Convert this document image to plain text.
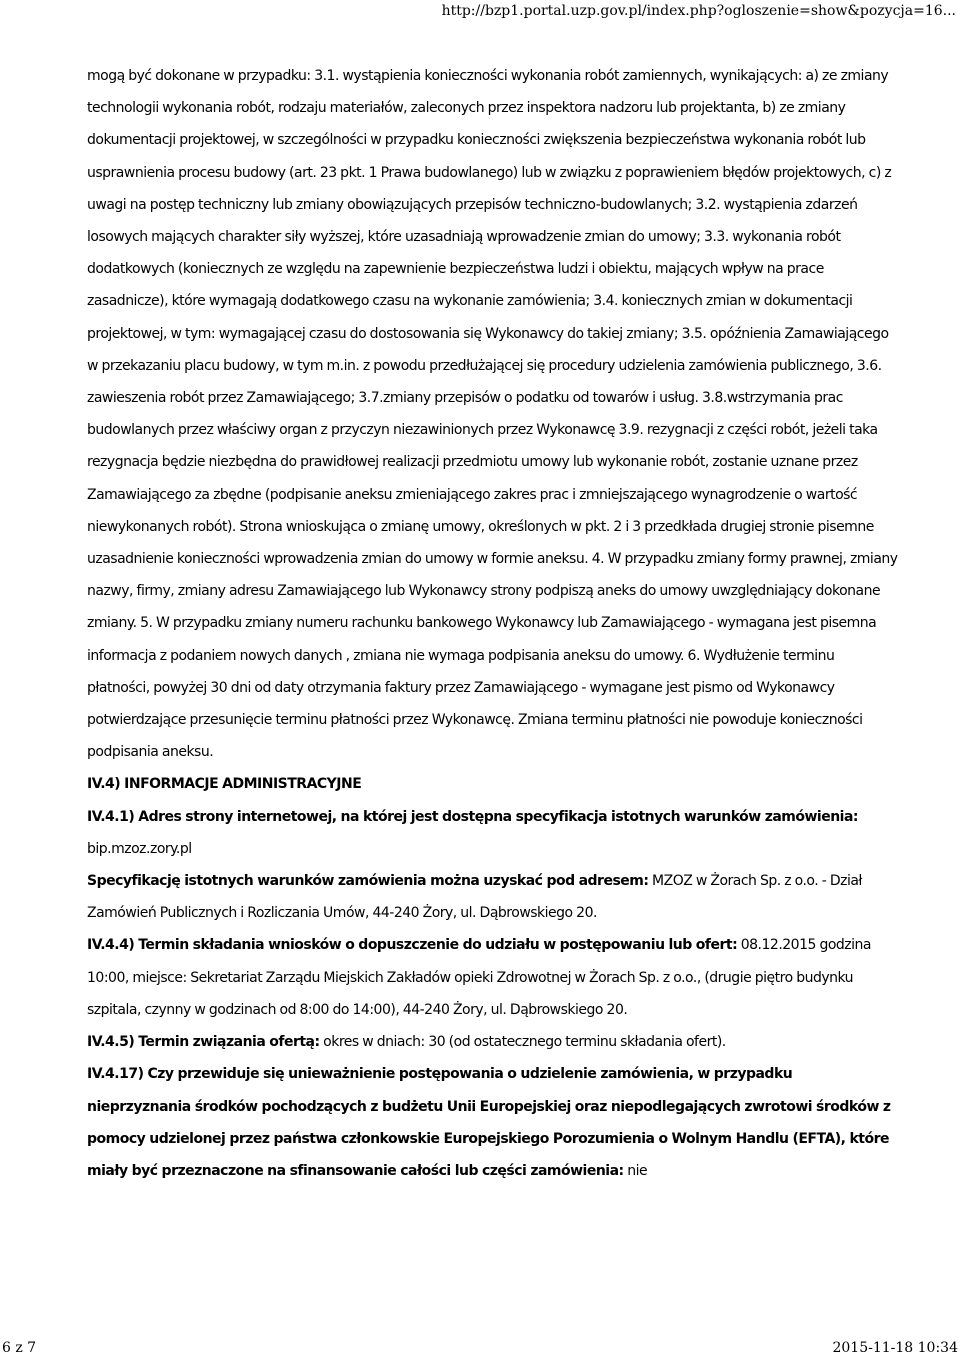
http://bzp1.portal.uzp.gov.pl/index.php?ogloszenie=show&pozycja=16...

mogą być dokonane w przypadku: 3.1. wystąpienia konieczności wykonania robót zamiennych, wynikających: a) ze zmiany technologii wykonania robót, rodzaju materiałów, zaleconych przez inspektora nadzoru lub projektanta, b) ze zmiany dokumentacji projektowej, w szczególności w przypadku konieczności zwiększenia bezpieczeństwa wykonania robót lub usprawnienia procesu budowy (art. 23 pkt. 1 Prawa budowlanego) lub w związku z poprawieniem błędów projektowych, c) z uwagi na postęp techniczny lub zmiany obowiązujących przepisów techniczno-budowlanych; 3.2. wystąpienia zdarzeń losowych mających charakter siły wyższej, które uzasadniają wprowadzenie zmian do umowy; 3.3. wykonania robót dodatkowych (koniecznych ze względu na zapewnienie bezpieczeństwa ludzi i obiektu, mających wpływ na prace zasadnicze), które wymagają dodatkowego czasu na wykonanie zamówienia; 3.4. koniecznych zmian w dokumentacji projektowej, w tym: wymagającej czasu do dostosowania się Wykonawcy do takiej zmiany; 3.5. opóźnienia Zamawiającego w przekazaniu placu budowy, w tym m.in. z powodu przedłużającej się procedury udzielenia zamówienia publicznego, 3.6. zawieszenia robót przez Zamawiającego; 3.7.zmiany przepisów o podatku od towarów i usług. 3.8.wstrzymania prac budowlanych przez właściwy organ z przyczyn niezawinionych przez Wykonawcę 3.9. rezygnacji z części robót, jeżeli taka rezygnacja będzie niezbędna do prawidłowej realizacji przedmiotu umowy lub wykonanie robót, zostanie uznane przez Zamawiającego za zbędne (podpisanie aneksu zmieniającego zakres prac i zmniejszającego wynagrodzenie o wartość niewykonanych robót). Strona wnioskująca o zmianę umowy, określonych w pkt. 2 i 3 przedkłada drugiej stronie pisemne uzasadnienie konieczności wprowadzenia zmian do umowy w formie aneksu. 4. W przypadku zmiany formy prawnej, zmiany nazwy, firmy, zmiany adresu Zamawiającego lub Wykonawcy strony podpiszą aneks do umowy uwzględniający dokonane zmiany. 5. W przypadku zmiany numeru rachunku bankowego Wykonawcy lub Zamawiającego - wymagana jest pisemna informacja z podaniem nowych danych , zmiana nie wymaga podpisania aneksu do umowy. 6. Wydłużenie terminu płatności, powyżej 30 dni od daty otrzymania faktury przez Zamawiającego - wymagane jest pismo od Wykonawcy potwierdzające przesunięcie terminu płatności przez Wykonawcę. Zmiana terminu płatności nie powoduje konieczności podpisania aneksu.

IV.4) INFORMACJE ADMINISTRACYJNE

IV.4.1) Adres strony internetowej, na której jest dostępna specyfikacja istotnych warunków zamówienia:

bip.mzoz.zory.pl

Specyfikację istotnych warunków zamówienia można uzyskać pod adresem: MZOZ w Żorach Sp. z o.o. - Dział Zamówień Publicznych i Rozliczania Umów, 44-240 Żory, ul. Dąbrowskiego 20.

IV.4.4) Termin składania wniosków o dopuszczenie do udziału w postępowaniu lub ofert: 08.12.2015 godzina 10:00, miejsce: Sekretariat Zarządu Miejskich Zakładów opieki Zdrowotnej w Żorach Sp. z o.o., (drugie piętro budynku szpitala, czynny w godzinach od 8:00 do 14:00), 44-240 Żory, ul. Dąbrowskiego 20.

IV.4.5) Termin związania ofertą: okres w dniach: 30 (od ostatecznego terminu składania ofert).

IV.4.17) Czy przewiduje się unieważnienie postępowania o udzielenie zamówienia, w przypadku nieprzyznania środków pochodzących z budżetu Unii Europejskiej oraz niepodlegających zwrotowi środków z pomocy udzielonej przez państwa członkowskie Europejskiego Porozumienia o Wolnym Handlu (EFTA), które miały być przeznaczone na sfinansowanie całości lub części zamówienia: nie

6 z 7	2015-11-18 10:34
